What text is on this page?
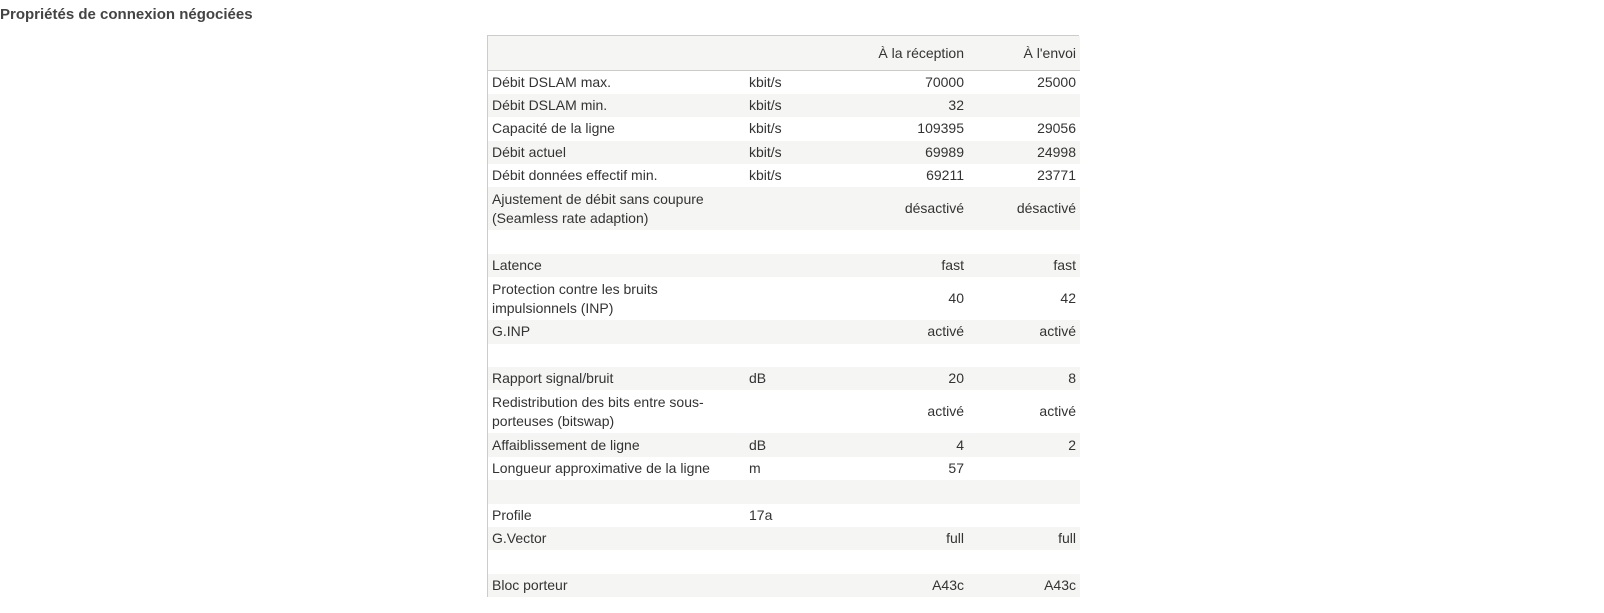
Propriétés de connexion négociées
		À la réception	À l'envoi
Débit DSLAM max.	kbit/s	70000	25000
Débit DSLAM min.	kbit/s	32	
Capacité de la ligne	kbit/s	109395	29056
Débit actuel	kbit/s	69989	24998
Débit données effectif min.	kbit/s	69211	23771
Ajustement de débit sans coupure (Seamless rate adaption)		désactivé	désactivé

Latence		fast	fast
Protection contre les bruits impulsionnels (INP)		40	42
G.INP		activé	activé

Rapport signal/bruit	dB	20	8
Redistribution des bits entre sous-porteuses (bitswap)		activé	activé
Affaiblissement de ligne	dB	4	2
Longueur approximative de la ligne	m	57	

Profile	17a		
G.Vector		full	full

Bloc porteur		A43c	A43c
